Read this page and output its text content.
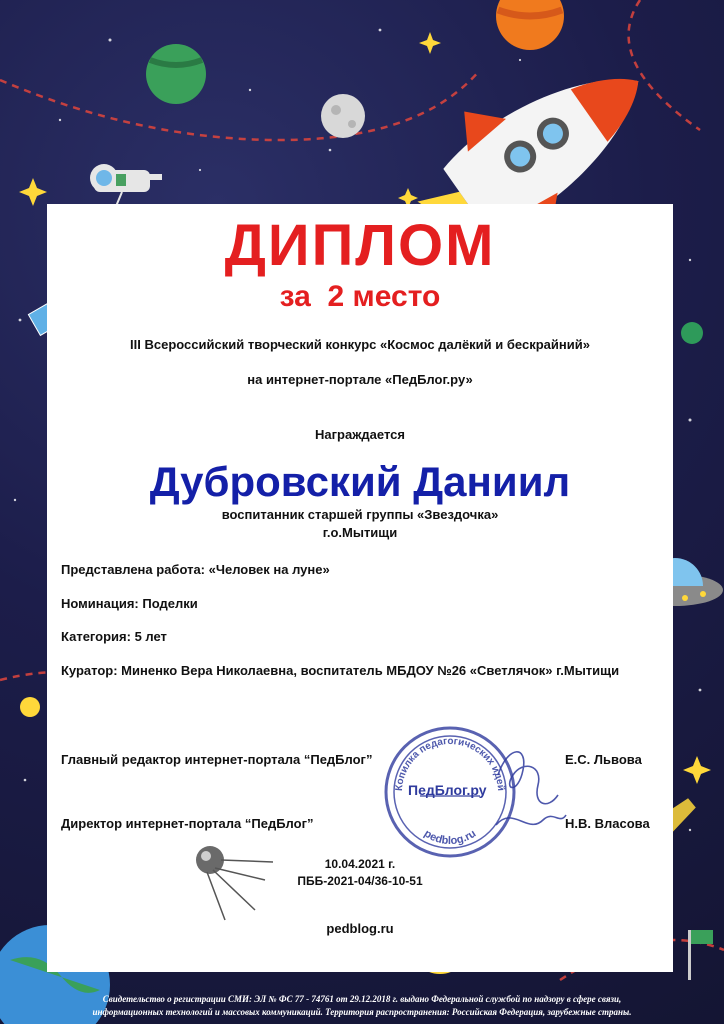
ДИПЛОМ
за  2 место
III Всероссийский творческий конкурс «Космос далёкий и бескрайний»
на интернет-портале «ПедБлог.ру»
Награждается
Дубровский Даниил
воспитанник старшей группы «Звездочка»
г.о.Мытищи
Представлена работа: «Человек на луне»
Номинация: Поделки
Категория: 5 лет
Куратор: Миненко Вера Николаевна, воспитатель МБДОУ №26 «Светлячок» г.Мытищи
Главный редактор интернет-портала “ПедБлог”	Е.С. Львова
Директор интернет-портала “ПедБлог”	Н.В. Власова
Копилка педагогических идей
pedblog.ru
ПедБлог.ру
10.04.2021 г.
ПББ-2021-04/36-10-51
pedblog.ru
Свидетельство о регистрации СМИ: ЭЛ № ФС 77 - 74761 от 29.12.2018 г. выдано Федеральной службой по надзору в сфере связи,
информационных технологий и массовых коммуникаций. Территория распространения: Российская Федерация, зарубежные страны.
